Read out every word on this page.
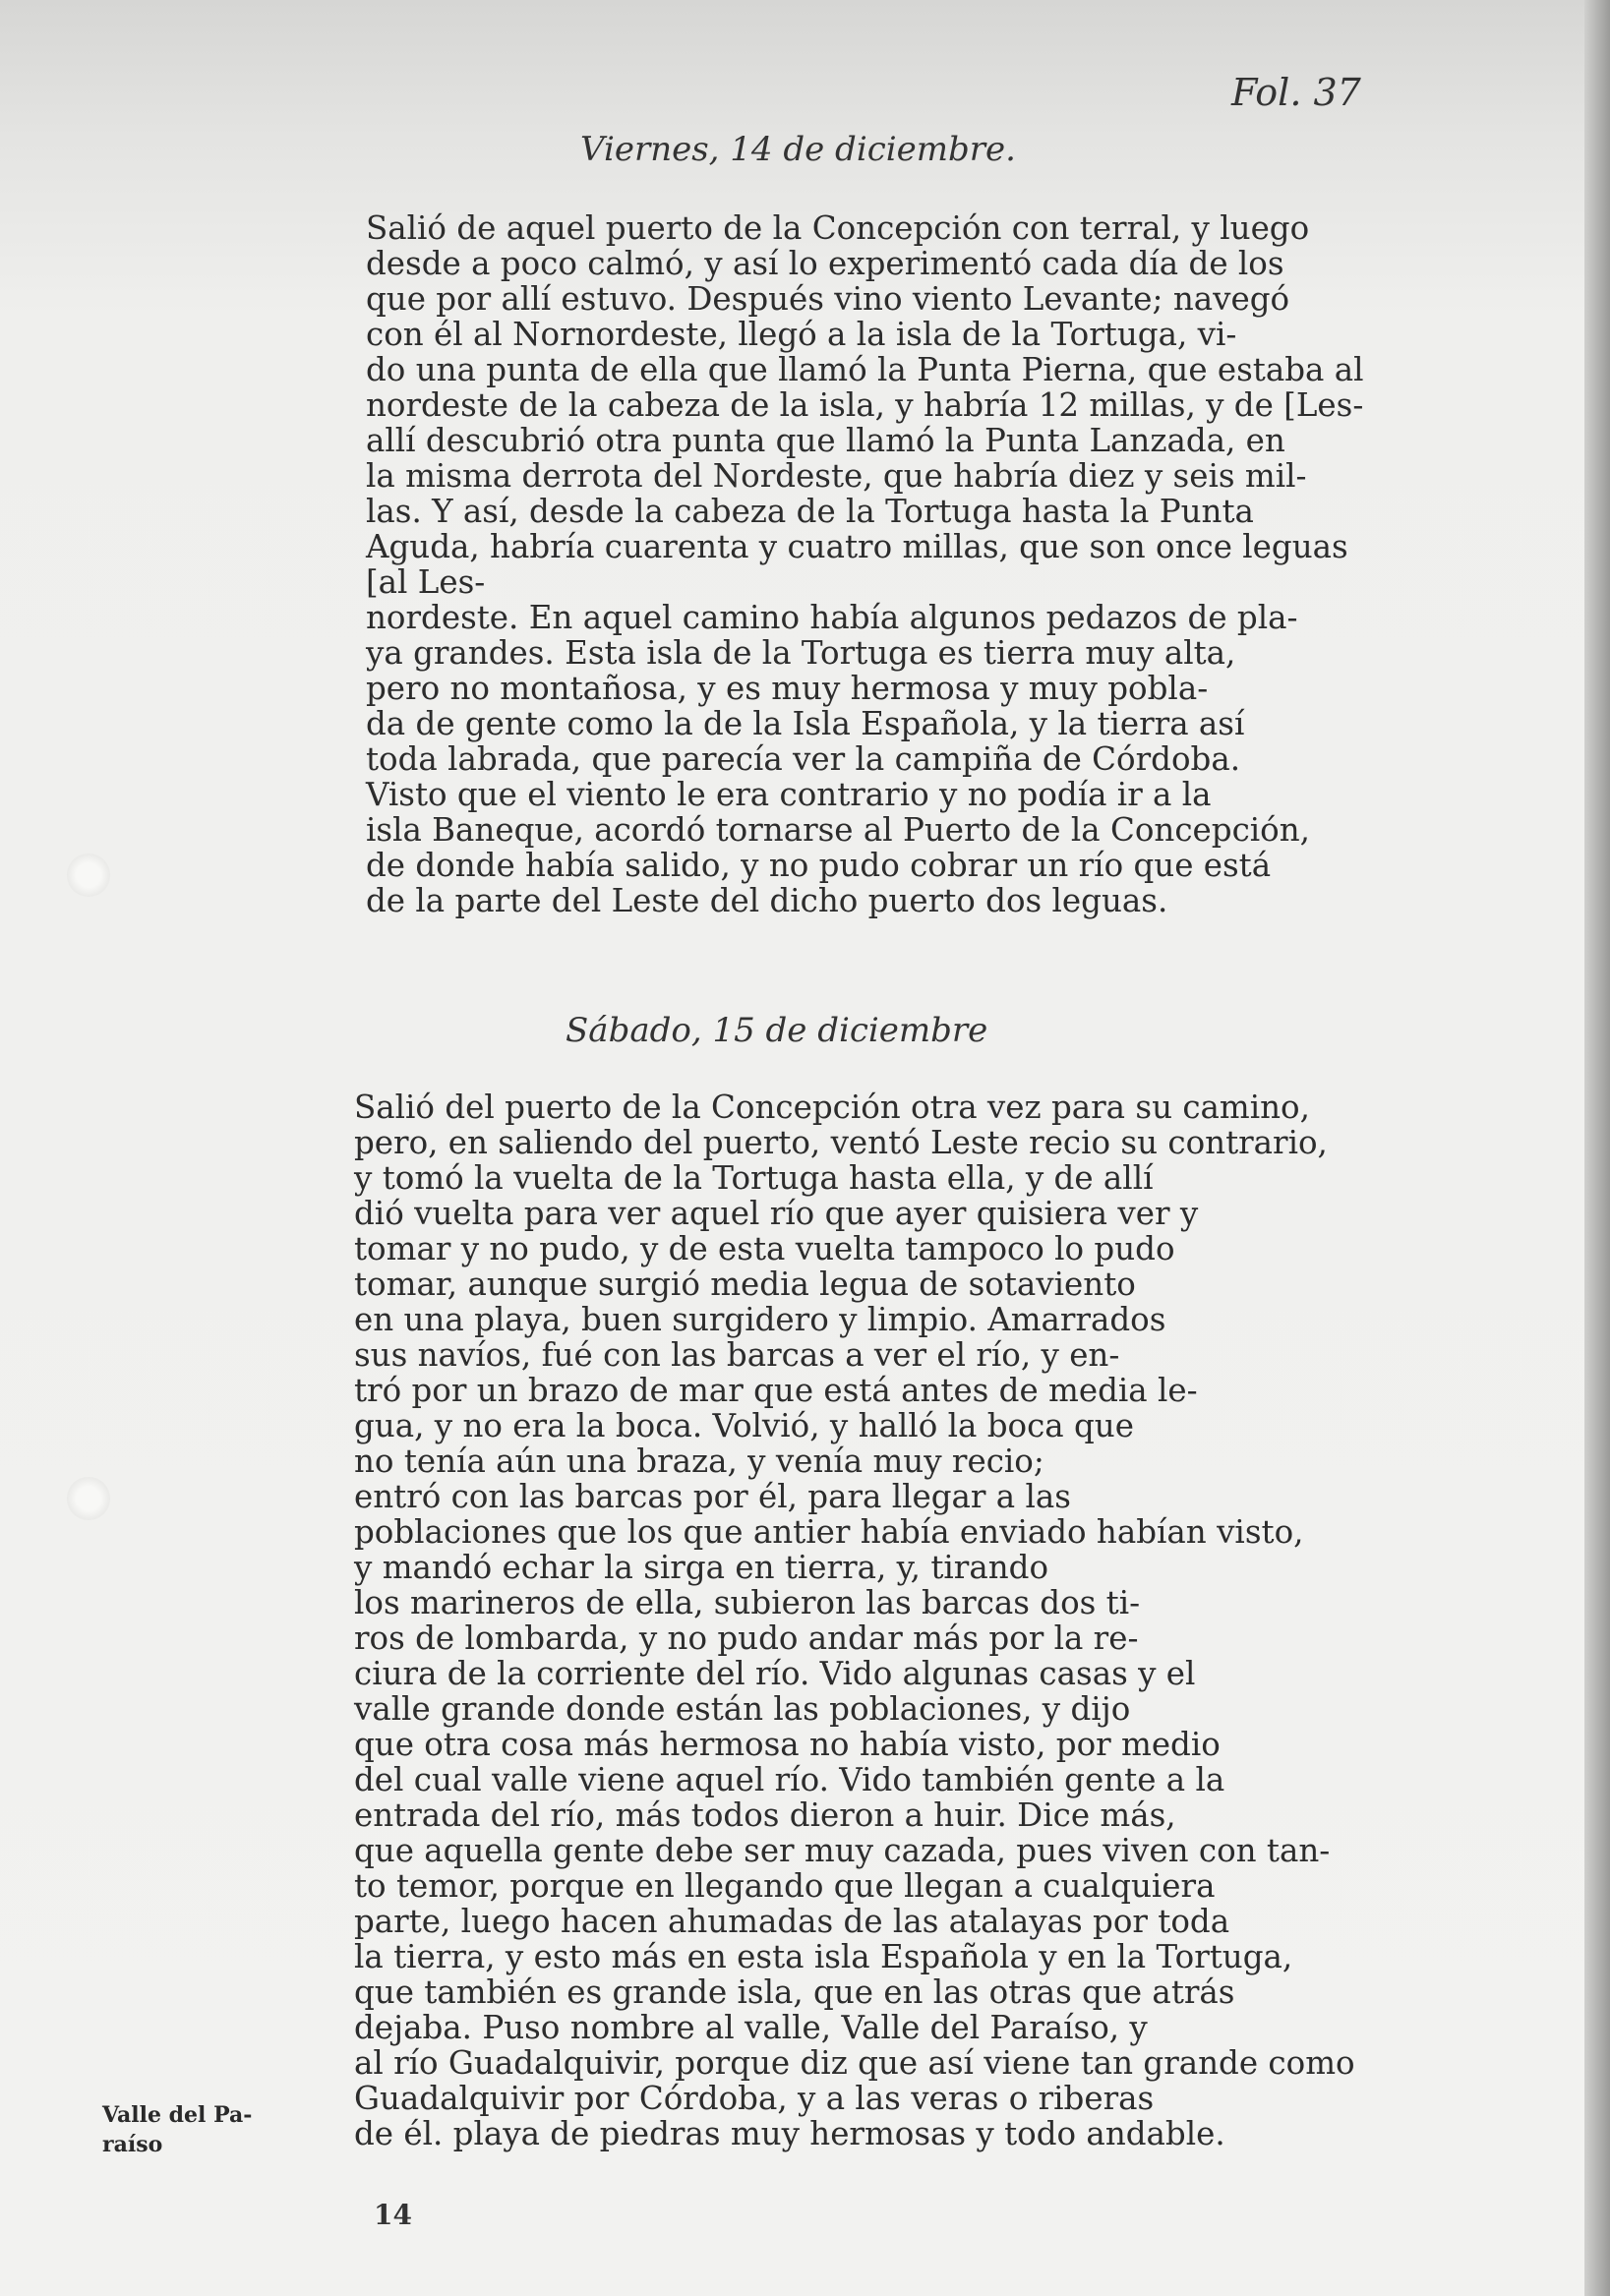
Fol. 37
Viernes, 14 de diciembre.
Salió de aquel puerto de la Concepción con terral, y luego
desde a poco calmó, y así lo experimentó cada día de los
que por allí estuvo. Después vino viento Levante; navegó
con él al Nornordeste, llegó a la isla de la Tortuga, vi-
do una punta de ella que llamó la Punta Pierna, que estaba al
nordeste de la cabeza de la isla, y habría 12 millas, y de [Les-
allí descubrió otra punta que llamó la Punta Lanzada, en
la misma derrota del Nordeste, que habría diez y seis mil-
las. Y así, desde la cabeza de la Tortuga hasta la Punta
Aguda, habría cuarenta y cuatro millas, que son once leguas
[al Les-
nordeste. En aquel camino había algunos pedazos de pla-
ya grandes. Esta isla de la Tortuga es tierra muy alta,
pero no montañosa, y es muy hermosa y muy pobla-
da de gente como la de la Isla Española, y la tierra así
toda labrada, que parecía ver la campiña de Córdoba.
Visto que el viento le era contrario y no podía ir a la
isla Baneque, acordó tornarse al Puerto de la Concepción,
de donde había salido, y no pudo cobrar un río que está
de la parte del Leste del dicho puerto dos leguas.
Sábado, 15 de diciembre
Salió del puerto de la Concepción otra vez para su camino,
pero, en saliendo del puerto, ventó Leste recio su contrario,
y tomó la vuelta de la Tortuga hasta ella, y de allí
dió vuelta para ver aquel río que ayer quisiera ver y
tomar y no pudo, y de esta vuelta tampoco lo pudo
tomar, aunque surgió media legua de sotaviento
en una playa, buen surgidero y limpio. Amarrados
sus navíos, fué con las barcas a ver el río, y en-
tró por un brazo de mar que está antes de media le-
gua, y no era la boca. Volvió, y halló la boca que
no tenía aún una braza, y venía muy recio;
entró con las barcas por él, para llegar a las
poblaciones que los que antier había enviado habían visto,
y mandó echar la sirga en tierra, y, tirando
los marineros de ella, subieron las barcas dos ti-
ros de lombarda, y no pudo andar más por la re-
ciura de la corriente del río. Vido algunas casas y el
valle grande donde están las poblaciones, y dijo
que otra cosa más hermosa no había visto, por medio
del cual valle viene aquel río. Vido también gente a la
entrada del río, más todos dieron a huir. Dice más,
que aquella gente debe ser muy cazada, pues viven con tan-
to temor, porque en llegando que llegan a cualquiera
parte, luego hacen ahumadas de las atalayas por toda
la tierra, y esto más en esta isla Española y en la Tortuga,
que también es grande isla, que en las otras que atrás
dejaba. Puso nombre al valle, Valle del Paraíso, y
al río Guadalquivir, porque diz que así viene tan grande como
Guadalquivir por Córdoba, y a las veras o riberas
de él. playa de piedras muy hermosas y todo andable.
Valle del Pa-
raíso
14
